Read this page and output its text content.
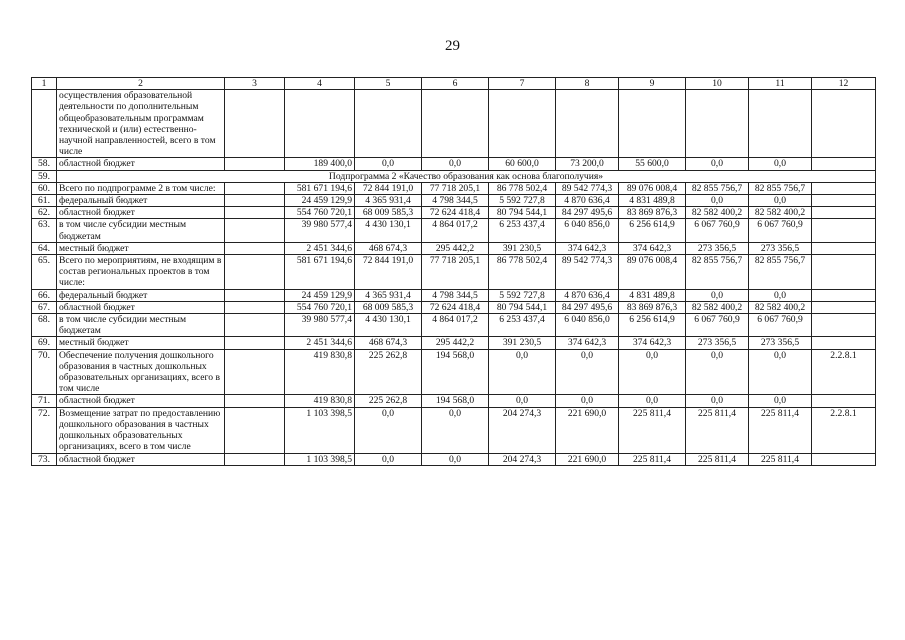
29
1	2	3	4	5	6	7	8	9	10	11	12
	осуществления образовательной деятельности по дополнительным общеобразовательным программам технической и (или) естественно-научной направленностей, всего в том числе										
58.	областной бюджет		189 400,0	0,0	0,0	60 600,0	73 200,0	55 600,0	0,0	0,0	
59.	Подпрограмма 2 «Качество образования как основа благополучия»										
60.	Всего по подпрограмме 2 в том числе:		581 671 194,6	72 844 191,0	77 718 205,1	86 778 502,4	89 542 774,3	89 076 008,4	82 855 756,7	82 855 756,7	
61.	федеральный бюджет		24 459 129,9	4 365 931,4	4 798 344,5	5 592 727,8	4 870 636,4	4 831 489,8	0,0	0,0	
62.	областной бюджет		554 760 720,1	68 009 585,3	72 624 418,4	80 794 544,1	84 297 495,6	83 869 876,3	82 582 400,2	82 582 400,2	
63.	в том числе субсидии местным бюджетам		39 980 577,4	4 430 130,1	4 864 017,2	6 253 437,4	6 040 856,0	6 256 614,9	6 067 760,9	6 067 760,9	
64.	местный бюджет		2 451 344,6	468 674,3	295 442,2	391 230,5	374 642,3	374 642,3	273 356,5	273 356,5	
65.	Всего по мероприятиям, не входящим в состав региональных проектов в том числе:		581 671 194,6	72 844 191,0	77 718 205,1	86 778 502,4	89 542 774,3	89 076 008,4	82 855 756,7	82 855 756,7	
66.	федеральный бюджет		24 459 129,9	4 365 931,4	4 798 344,5	5 592 727,8	4 870 636,4	4 831 489,8	0,0	0,0	
67.	областной бюджет		554 760 720,1	68 009 585,3	72 624 418,4	80 794 544,1	84 297 495,6	83 869 876,3	82 582 400,2	82 582 400,2	
68.	в том числе субсидии местным бюджетам		39 980 577,4	4 430 130,1	4 864 017,2	6 253 437,4	6 040 856,0	6 256 614,9	6 067 760,9	6 067 760,9	
69.	местный бюджет		2 451 344,6	468 674,3	295 442,2	391 230,5	374 642,3	374 642,3	273 356,5	273 356,5	
70.	Обеспечение получения дошкольного образования в частных дошкольных образовательных организациях, всего в том числе		419 830,8	225 262,8	194 568,0	0,0	0,0	0,0	0,0	0,0	2.2.8.1
71.	областной бюджет		419 830,8	225 262,8	194 568,0	0,0	0,0	0,0	0,0	0,0	
72.	Возмещение затрат по предоставлению дошкольного образования в частных дошкольных образовательных организациях, всего в том числе		1 103 398,5	0,0	0,0	204 274,3	221 690,0	225 811,4	225 811,4	225 811,4	2.2.8.1
73.	областной бюджет		1 103 398,5	0,0	0,0	204 274,3	221 690,0	225 811,4	225 811,4	225 811,4	
